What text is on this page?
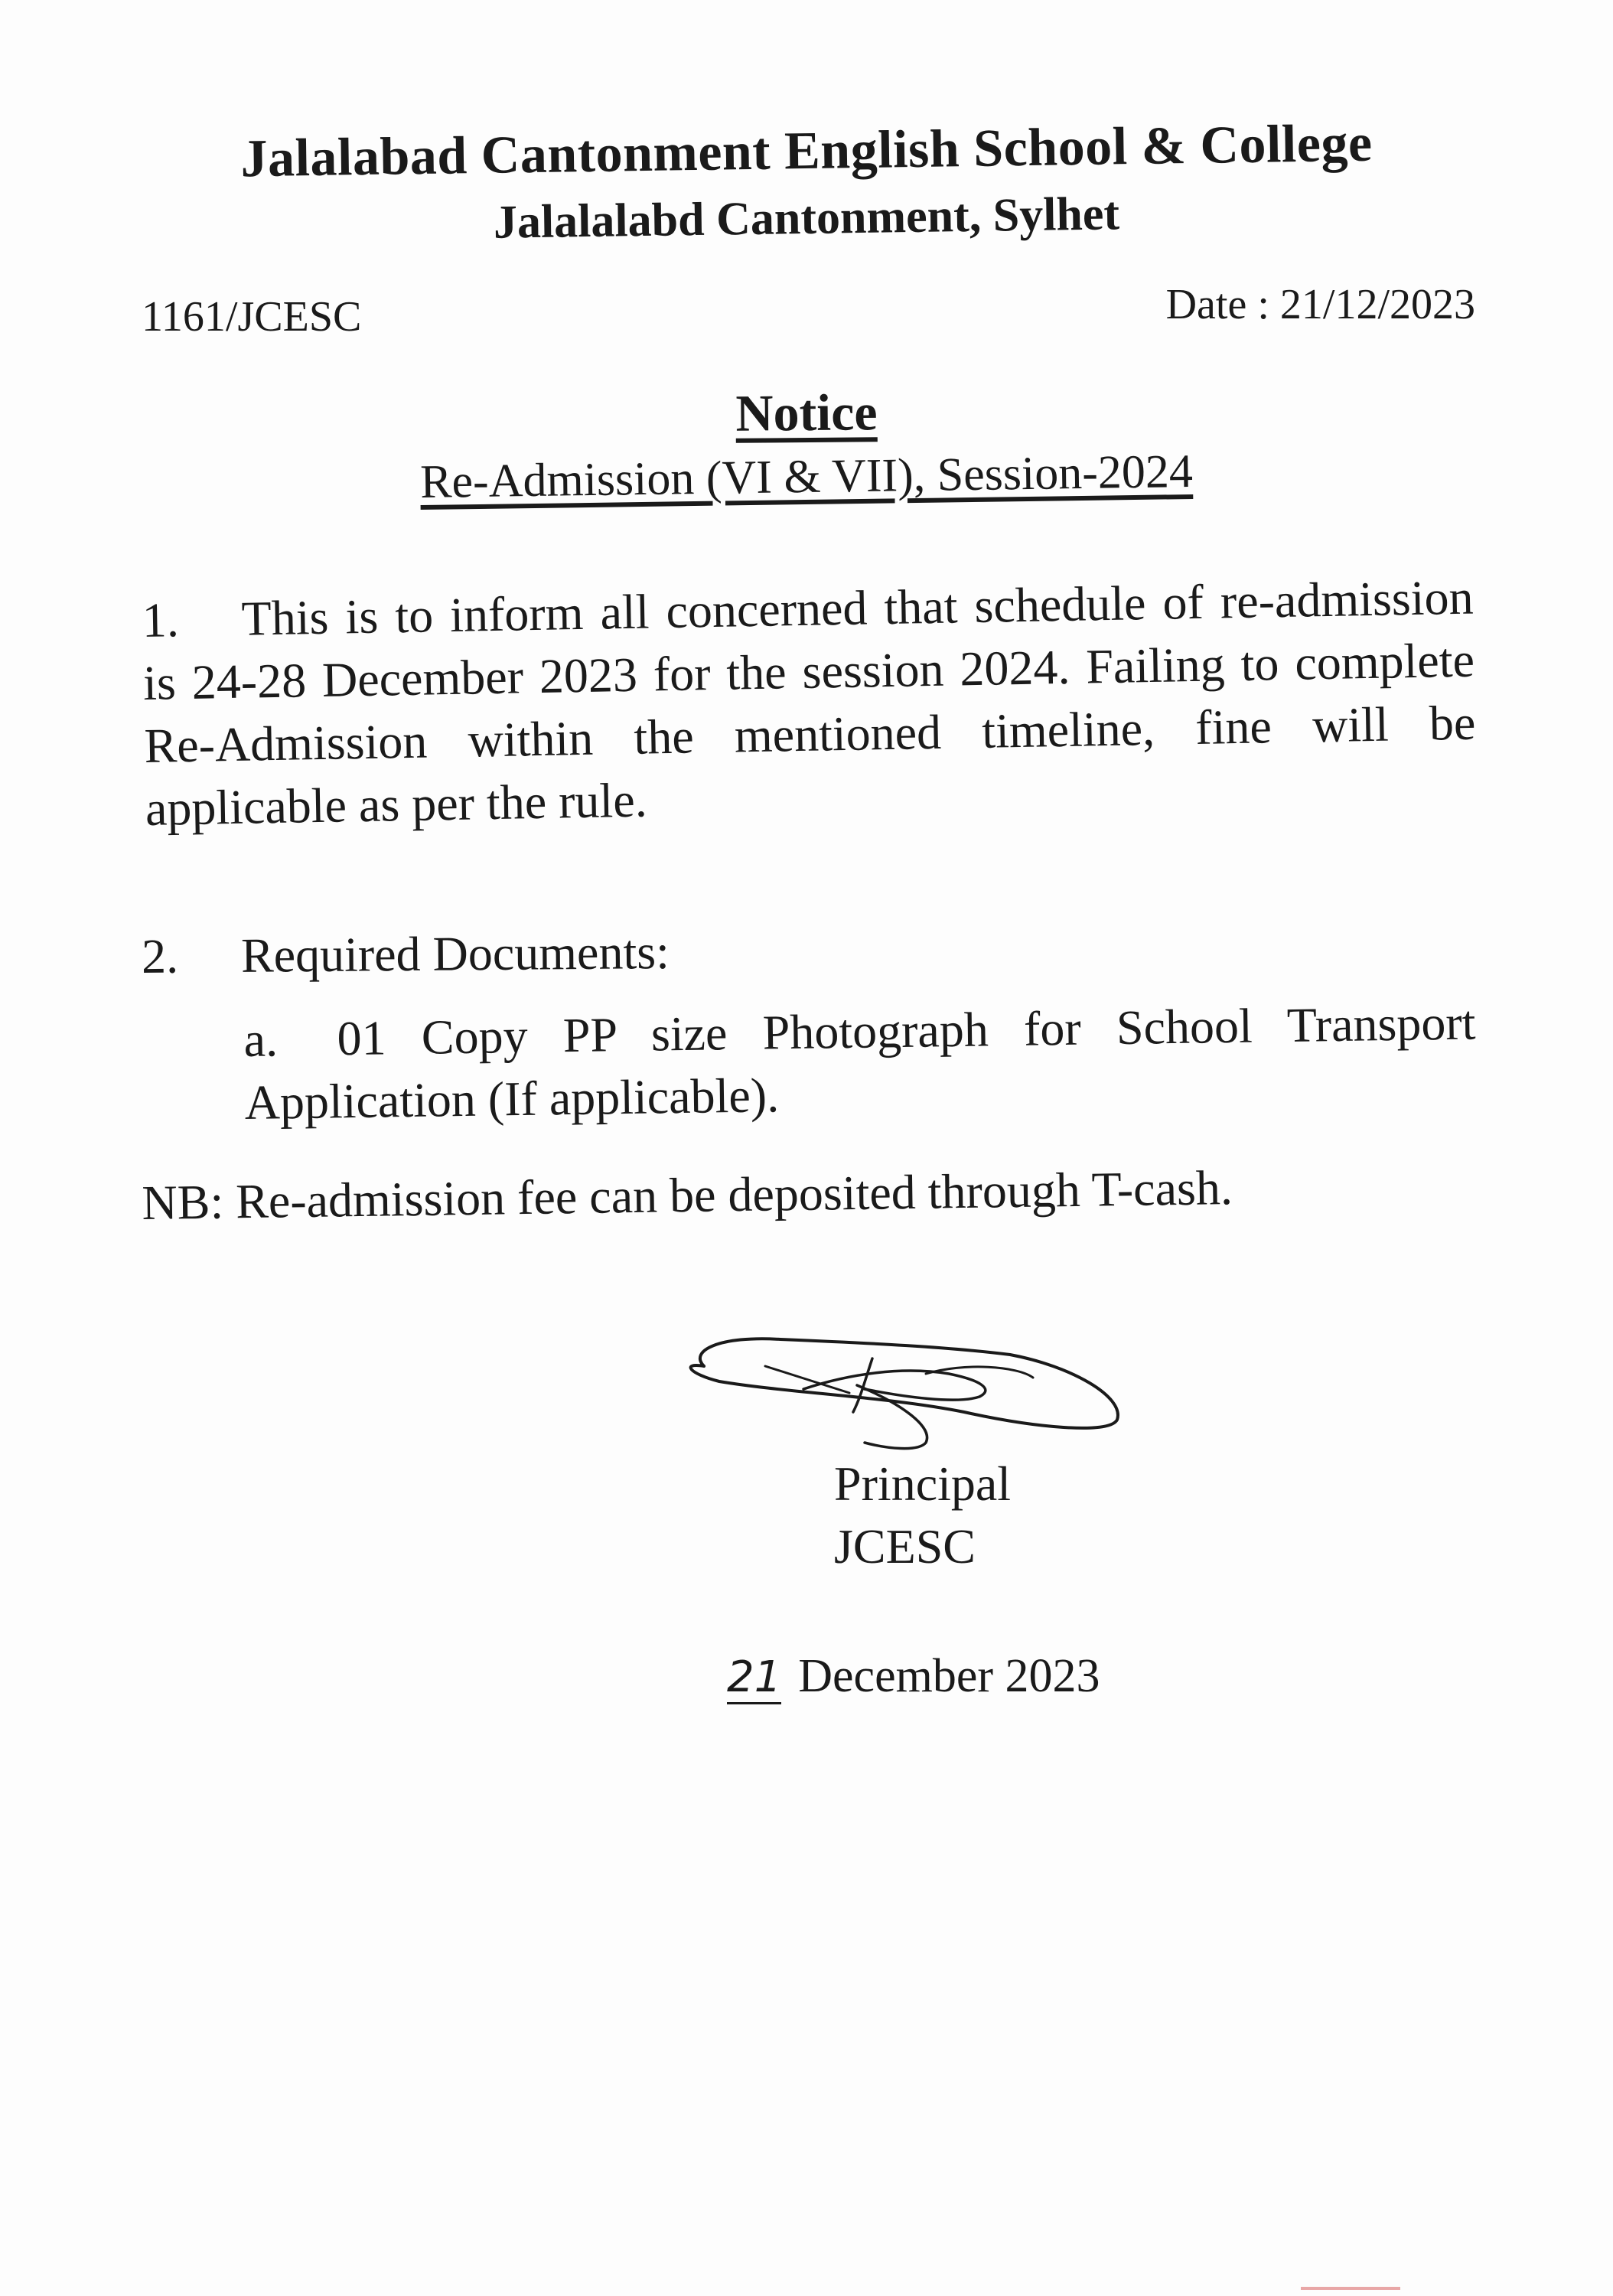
Jalalabad Cantonment English School & College
Jalalalabd Cantonment, Sylhet
1161/JCESC	Date : 21/12/2023
Notice
Re-Admission (VI & VII), Session-2024
1. This is to inform all concerned that schedule of re-admission is 24-28 December 2023 for the session 2024. Failing to complete Re-Admission within the mentioned timeline, fine will be applicable as per the rule.
2. Required Documents:
a. 01 Copy PP size Photograph for School Transport Application (If applicable).
NB: Re-admission fee can be deposited through T-cash.
Principal
JCESC
21 December 2023
